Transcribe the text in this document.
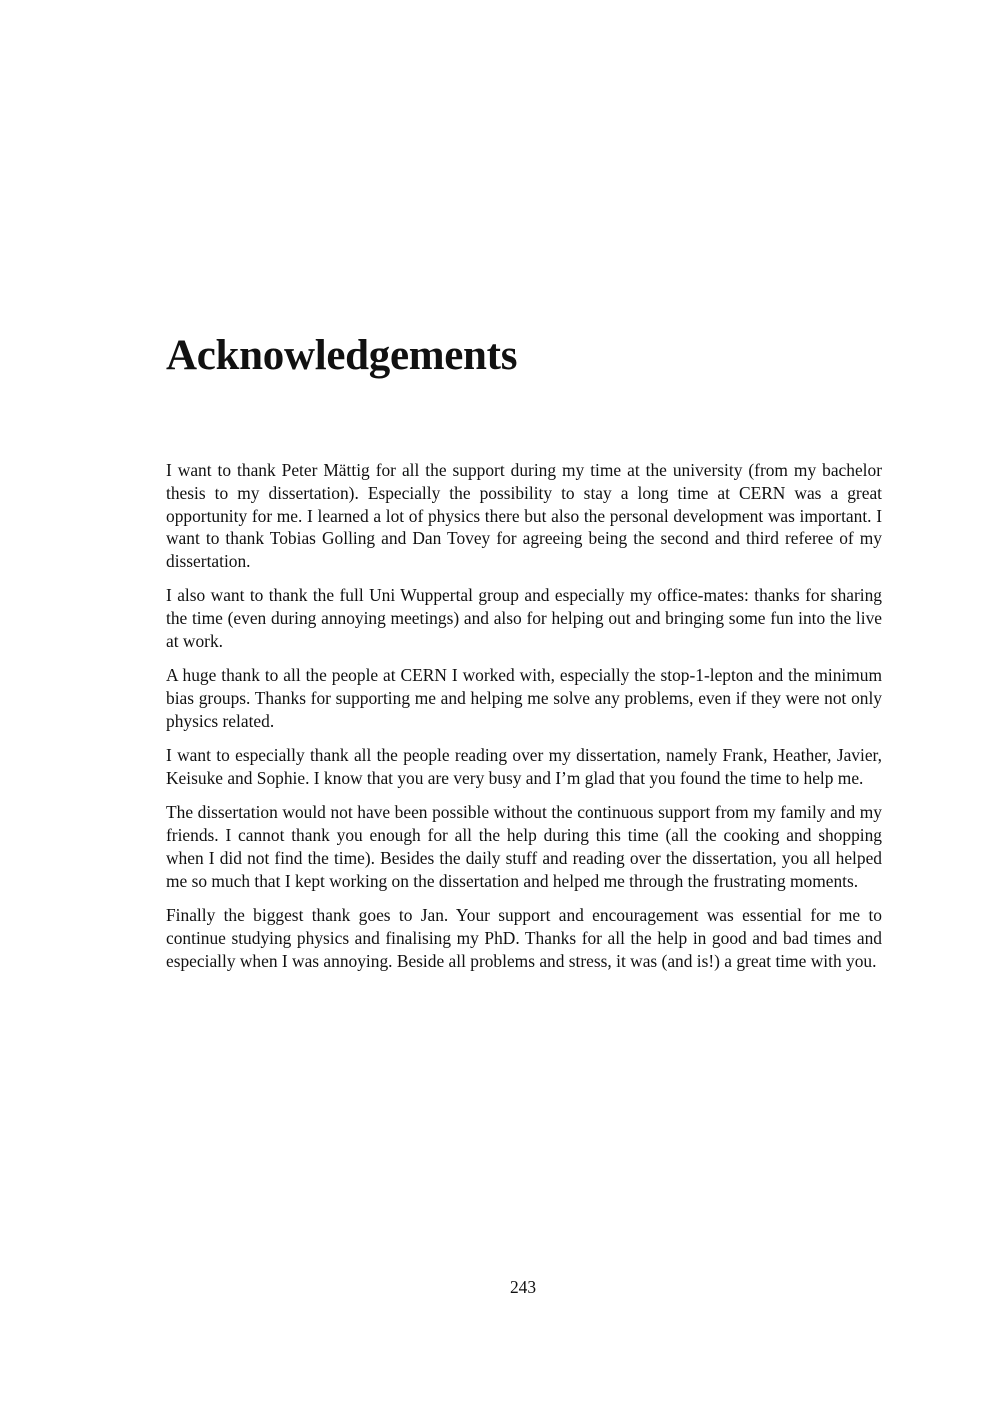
Acknowledgements

I want to thank Peter Mättig for all the support during my time at the university (from my bachelor thesis to my dissertation). Especially the possibility to stay a long time at CERN was a great opportunity for me. I learned a lot of physics there but also the personal development was important. I want to thank Tobias Golling and Dan Tovey for agreeing being the second and third referee of my dissertation.

I also want to thank the full Uni Wuppertal group and especially my office-mates: thanks for sharing the time (even during annoying meetings) and also for helping out and bringing some fun into the live at work.

A huge thank to all the people at CERN I worked with, especially the stop-1-lepton and the minimum bias groups. Thanks for supporting me and helping me solve any problems, even if they were not only physics related.

I want to especially thank all the people reading over my dissertation, namely Frank, Heather, Javier, Keisuke and Sophie. I know that you are very busy and I’m glad that you found the time to help me.

The dissertation would not have been possible without the continuous support from my family and my friends. I cannot thank you enough for all the help during this time (all the cooking and shopping when I did not find the time). Besides the daily stuff and reading over the dissertation, you all helped me so much that I kept working on the dissertation and helped me through the frustrating moments.

Finally the biggest thank goes to Jan. Your support and encouragement was essential for me to continue studying physics and finalising my PhD. Thanks for all the help in good and bad times and especially when I was annoying. Beside all problems and stress, it was (and is!) a great time with you.

243
